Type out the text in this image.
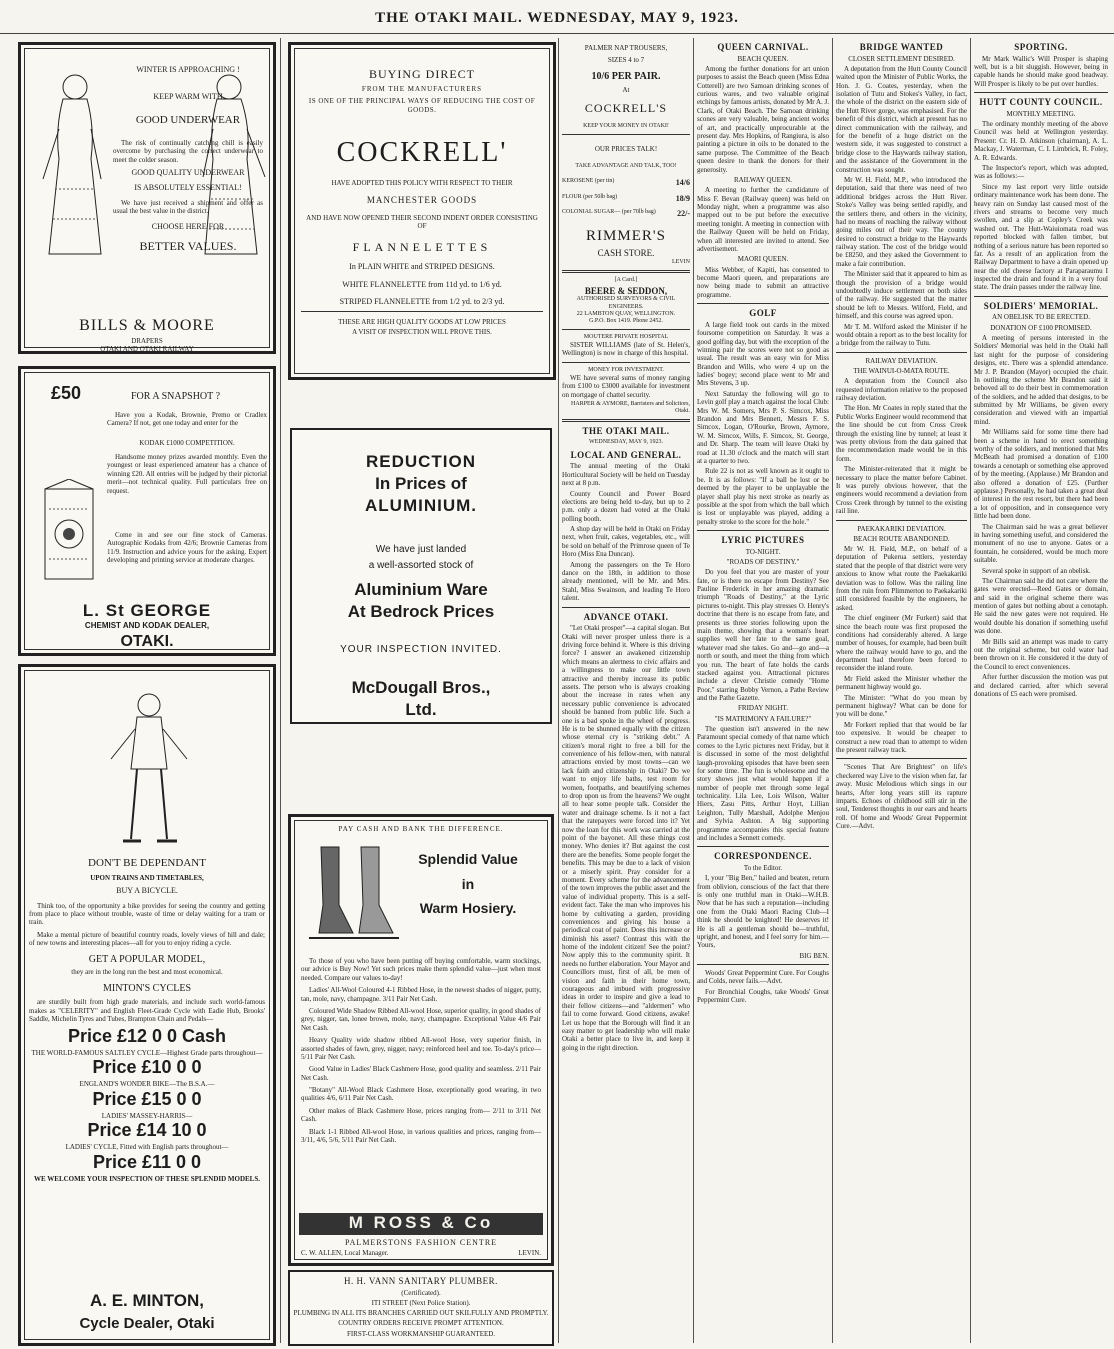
THE OTAKI MAIL. WEDNESDAY, MAY 9, 1923.
WINTER IS APPROACHING !
KEEP WARM WITH
GOOD UNDERWEAR
The risk of continually catching chill is easily overcome by purchasing the correct underwear to meet the colder season.
GOOD QUALITY UNDERWEAR
IS ABSOLUTELY ESSENTIAL!
We have just received a shipment and offer as usual the best value in the district.
CHOOSE HERE FOR
BETTER VALUES.
BILLS & MOORE
DRAPERS
OTAKI AND OTAKI RAILWAY
£50	FOR A SNAPSHOT ?
Have you a Kodak, Brownie, Premo or Cradlex Camera? If not, get one today and enter for the
KODAK £1000 COMPETITION.
Handsome money prizes awarded monthly. Even the youngest or least experienced amateur has a chance of winning £20. All entries will be judged by their pictorial merit—not technical quality. Full particulars free on request.
Come in and see our fine stock of Cameras. Autographic Kodaks from 42/6; Brownie Cameras from 11/9. Instruction and advice yours for the asking. Expert developing and printing service at moderate charges.
L. St GEORGE
CHEMIST AND KODAK DEALER,
OTAKI.
DON'T BE DEPENDANT
UPON TRAINS AND TIMETABLES,
BUY A BICYCLE.
Think too, of the opportunity a bike provides for seeing the country and getting from place to place without trouble, waste of time or delay waiting for a tram or train.
Make a mental picture of beautiful country roads, lovely views of hill and dale; of new towns and interesting places—all for you to enjoy riding a cycle.
GET A POPULAR MODEL,
they are in the long run the best and most economical.
MINTON'S CYCLES
are sturdily built from high grade materials, and include such world-famous makes as "CELERITY" and English Fleet-Grade Cycle with Eadie Hub, Brooks' Saddle, Michelin Tyres and Tubes, Brampton Chain and Pedals—
Price £12 0 0 Cash
THE WORLD-FAMOUS SALTLEY CYCLE—Highest Grade parts throughout—
Price £10 0 0
ENGLAND'S WONDER BIKE—The B.S.A.—
Price £15 0 0
LADIES' MASSEY-HARRIS—
Price £14 10 0
LADIES' CYCLE, Fitted with English parts throughout—
Price £11 0 0
WE WELCOME YOUR INSPECTION OF THESE SPLENDID MODELS.
A. E. MINTON,
Cycle Dealer, Otaki
BUYING DIRECT
FROM THE MANUFACTURERS
IS ONE OF THE PRINCIPAL WAYS OF REDUCING THE COST OF GOODS.
COCKRELL'
HAVE ADOPTED THIS POLICY WITH RESPECT TO THEIR
MANCHESTER GOODS
AND HAVE NOW OPENED THEIR SECOND INDENT ORDER CONSISTING OF
FLANNELETTES
In PLAIN WHITE and STRIPED DESIGNS.
WHITE FLANNELETTE from 11d yd. to 1/6 yd.
STRIPED FLANNELETTE from 1/2 yd. to 2/3 yd.
THESE ARE HIGH QUALITY GOODS AT LOW PRICES
A VISIT OF INSPECTION WILL PROVE THIS.
REDUCTION
In Prices of
ALUMINIUM.
We have just landed
a well-assorted stock of
Aluminium Ware
At Bedrock Prices
YOUR INSPECTION INVITED.
McDougall Bros.,
Ltd.
PAY CASH AND BANK THE DIFFERENCE.
Splendid Value
in
Warm Hosiery.
To those of you who have been putting off buying comfortable, warm stockings, our advice is Buy Now! Yet such prices make them splendid value—just when most needed. Compare our values to-day!
Ladies' All-Wool Coloured 4-1 Ribbed Hose, in the newest shades of nigger, putty, tan, mole, navy, champagne. 3/11 Pair Net Cash.
Coloured Wide Shadow Ribbed All-wool Hose, superior quality, in good shades of grey, nigger, tan, lonee brown, mole, navy, champagne. Exceptional Value 4/6 Pair Net Cash.
Heavy Quality wide shadow ribbed All-wool Hose, very superior finish, in assorted shades of fawn, grey, nigger, navy; reinforced heel and toe. To-day's price— 5/11 Pair Net Cash.
Good Value in Ladies' Black Cashmere Hose, good quality and seamless. 2/11 Pair Net Cash.
"Botany" All-Wool Black Cashmere Hose, exceptionally good wearing, in two qualities 4/6, 6/11 Pair Net Cash.
Other makes of Black Cashmere Hose, prices ranging from— 2/11 to 3/11 Net Cash.
Black 1-1 Ribbed All-wool Hose, in various qualities and prices, ranging from— 3/11, 4/6, 5/6, 5/11 Pair Net Cash.
M ROSS & Co
PALMERSTONS FASHION CENTRE
C. W. ALLEN, Local Manager.	LEVIN.
H. H. VANN SANITARY PLUMBER.
(Certificated).
ITI STREET (Next Police Station).
PLUMBING IN ALL ITS BRANCHES CARRIED OUT SKILFULLY AND PROMPTLY.
COUNTRY ORDERS RECEIVE PROMPT ATTENTION.
FIRST-CLASS WORKMANSHIP GUARANTEED.
PALMER NAP TROUSERS,
SIZES 4 to 7
10/6 PER PAIR.
At
COCKRELL'S
KEEP YOUR MONEY IN OTAKI!
OUR PRICES TALK!
TAKE ADVANTAGE AND TALK, TOO!
KEROSENE (per tin)	14/6
FLOUR (per 50lb bag)	18/9
COLONIAL SUGAR— (per 70lb bag)	22/-
RIMMER'S
CASH STORE.
LEVIN
[A Card.]
BEERE & SEDDON,
AUTHORISED SURVEYORS & CIVIL ENGINEERS.
22 LAMBTON QUAY, WELLINGTON.
G.P.O. Box 1419. Phone 2452.
MOUTERE PRIVATE HOSPITAL
SISTER WILLIAMS (late of St. Helen's, Wellington) is now in charge of this hospital.
MONEY FOR INVESTMENT.
WE have several sums of money ranging from £100 to £3000 available for investment on mortgage of chattel security.
HARPER & AYMORE, Barristers and Solicitors, Otaki.
THE OTAKI MAIL.
WEDNESDAY, MAY 9, 1923.
LOCAL AND GENERAL.
The annual meeting of the Otaki Horticultural Society will be held on Tuesday next at 8 p.m.
County Council and Power Board elections are being held to-day, but up to 2 p.m. only a dozen had voted at the Otaki polling booth.
A shop day will be held in Otaki on Friday next, when fruit, cakes, vegetables, etc., will be sold on behalf of the Primrose queen of Te Horo (Miss Ena Duncan).
Among the passengers on the Te Horo dance on the 18th, in addition to those already mentioned, will be Mr. and Mrs. Stahl, Miss Swainson, and leading Te Horo talent.
ADVANCE OTAKI.
"Let Otaki prosper"—a capital slogan. But Otaki will never prosper unless there is a driving force behind it. Where is this driving force? I answer an awakened citizenship which means an alertness to civic affairs and a willingness to make our little town attractive and thereby increase its public assets. The person who is always croaking about the increase in rates when any necessary public convenience is advocated should be banned from public life. Such a one is a bad spoke in the wheel of progress. He is to be shunned equally with the citizen whose eternal cry is "striking debt." A citizen's moral right to free a bill for the convenience of his fellow-men, with natural attractions envied by most towns—can we lack faith and citizenship in Otaki? Do we want to enjoy life baths, test room for women, footpaths, and beautifying schemes to drop upon us from the heavens? We ought all to hear some people talk. Consider the water and drainage scheme. Is it not a fact that the ratepayers were forced into it? Yet now the loan for this work was carried at the point of the bayonet. All these things cost money. Who denies it? But against the cost there are the benefits. Some people forget the benefits. This may be due to a lack of vision or a miserly spirit. Pray consider for a moment. Every scheme for the advancement of the town improves the public asset and the value of individual property. This is a self-evident fact. Take the man who improves his home by cultivating a garden, providing conveniences and giving his house a periodical coat of paint. Does this increase or diminish his asset? Contrast this with the home of the indolent citizen! See the point? Now apply this to the community spirit. It needs no further elaboration. Your Mayor and Councillors must, first of all, be men of vision and faith in their home town, courageous and imbued with progressive ideas in order to inspire and give a lead to their fellow citizens—and "aldermen" who fail to come forward. Good citizens, awake! Let us hope that the Borough will find it an easy matter to get leadership who will make Otaki a better place to live in, and keep it going in the right direction.
QUEEN CARNIVAL.
BEACH QUEEN.
Among the further donations for art union purposes to assist the Beach queen (Miss Edna Cotterell) are two Samoan drinking scones of curious wares, and two valuable original etchings by famous artists, donated by Mr A. J. Clark, of Otaki Beach. The Samoan drinking scones are very valuable, being ancient works of art, and practically unprocurable at the present day. Mrs Hopkins, of Rangiura, is also painting a picture in oils to be donated to the same purpose. The Committee of the Beach queen desire to thank the donors for their generosity.
RAILWAY QUEEN.
A meeting to further the candidature of Miss F. Bevan (Railway queen) was held on Monday night, when a programme was also mapped out to be put before the executive meeting tonight. A meeting in connection with the Railway Queen will be held on Friday, when all interested are invited to attend. See advertisement.
MAORI QUEEN.
Miss Webber, of Kapiti, has consented to become Maori queen, and preparations are now being made to submit an attractive programme.
GOLF
A large field took out cards in the mixed foursome competition on Saturday. It was a good golfing day, but with the exception of the winning pair the scores were not so good as usual. The result was an easy win for Miss Brandon and Wills, who were 4 up on the ladies' bogey; second place went to Mr and Mrs Stevens, 3 up.
Next Saturday the following will go to Levin golf play a match against the local Club: Mrs W. M. Somers, Mrs P. S. Simcox, Miss Brandon and Mrs Bennett, Messrs F. S. Simcox, Logan, O'Rourke, Brown, Aymore, W. M. Simcox, Wills, F. Simcox, St. George, and Dr. Sharp. The team will leave Otaki by road at 11.30 o'clock and the match will start at a quarter to two.
Rule 22 is not as well known as it ought to be. It is as follows: "If a ball be lost or be deemed by the player to be unplayable the player shall play his next stroke as nearly as possible at the spot from which the ball which is lost or unplayable was played, adding a penalty stroke to the score for the hole."
LYRIC PICTURES
TO-NIGHT.
"ROADS OF DESTINY."
Do you feel that you are master of your fate, or is there no escape from Destiny? See Pauline Frederick in her amazing dramatic triumph "Roads of Destiny," at the Lyric pictures to-night. This play stresses O. Henry's doctrine that there is no escape from fate, and presents us three stories following upon the main theme, showing that a woman's heart supplies well her fate to the same goal, whatever road she takes. Go and—go and—a north or south, and meet the thing from which you run. The heart of fate holds the cards stacked against you. Attractional pictures include a clever Christie comedy "Home Poor," starring Bobby Vernon, a Pathe Review and the Pathe Gazette.
FRIDAY NIGHT.
"IS MATRIMONY A FAILURE?"
The question isn't answered in the new Paramount special comedy of that name which comes to the Lyric pictures next Friday, but it is discussed in some of the most delightful laugh-provoking episodes that have been seen for some time. The fun is wholesome and the story shows just what would happen if a number of people met through some legal technicality. Lila Lee, Lois Wilson, Walter Hiers, Zasu Pitts, Arthur Hoyt, Lillian Leighton, Tully Marshall, Adolphe Menjou and Sylvia Ashton. A big supporting programme accompanies this special feature and includes a Sennett comedy.
CORRESPONDENCE.
To the Editor.
I, your "Big Ben," hailed and beaten, return from oblivion, conscious of the fact that there is only one truthful man in Otaki—W.H.B. Now that he has such a reputation—including one from the Otaki Maori Racing Club—I think he should be knighted! He deserves it! He is all a gentleman should be—truthful, upright, and honest, and I feel sorry for him.—Yours,
BIG BEN.
Woods' Great Peppermint Cure. For Coughs and Colds, never fails.—Advt.
For Bronchial Coughs, take Woods' Great Peppermint Cure.
BRIDGE WANTED
CLOSER SETTLEMENT DESIRED.
A deputation from the Hutt County Council waited upon the Minister of Public Works, the Hon. J. G. Coates, yesterday, when the isolation of Tutu and Stokes's Valley, in fact, the whole of the district on the eastern side of the Hutt River gorge, was emphasised. For the benefit of this district, which at present has no direct communication with the railway, and for the benefit of a huge district on the western side, it was suggested to construct a bridge close to the Haywards railway station, and the assistance of the Government in the construction was sought.
Mr W. H. Field, M.P., who introduced the deputation, said that there was need of two additional bridges across the Hutt River. Stoke's Valley was being settled rapidly, and the settlers there, and others in the vicinity, had no means of reaching the railway without going miles out of their way. The county desired to construct a bridge to the Haywards railway station. The cost of the bridge would be £8250, and they asked the Government to make a fair contribution.
The Minister said that it appeared to him as though the provision of a bridge would undoubtedly induce settlement on both sides of the railway. He suggested that the matter should be left to Messrs. Wilford, Field, and himself, and this course was agreed upon.
Mr T. M. Wilford asked the Minister if he would obtain a report as to the best locality for a bridge from the railway to Tutu.
RAILWAY DEVIATION.
THE WAINUI-O-MATA ROUTE.
A deputation from the Council also requested information relative to the proposed railway deviation.
The Hon. Mr Coates in reply stated that the Public Works Engineer would recommend that the line should be cut from Cross Creek through the existing line by tunnel; at least it was pretty obvious from the data gained that the recommendation made would be in this form.
The Minister-reiterated that it might be necessary to place the matter before Cabinet. It was purely obvious however, that the engineers would recommend a deviation from Cross Creek through by tunnel to the existing rail line.
PAEKAKARIKI DEVIATION.
BEACH ROUTE ABANDONED.
Mr W. H. Field, M.P., on behalf of a deputation of Pukerua settlers, yesterday stated that the people of that district were very anxious to know what route the Paekakariki deviation was to follow. Was the railing line from the ruin from Plimmerton to Paekakariki still considered feasible by the engineers, he asked.
The chief engineer (Mr Furkert) said that since the beach route was first proposed the conditions had considerably altered. A large number of houses, for example, had been built where the railway would have to go, and the department had therefore been forced to reconsider the inland route.
Mr Field asked the Minister whether the permanent highway would go.
The Minister: "What do you mean by permanent highway? What can be done for you will be done."
Mr Forkert replied that that would be far too expensive. It would be cheaper to construct a new road than to attempt to widen the present railway track.
"Scenes That Are Brightest" on life's checkered way Live to the vision when far, far away. Music Melodious which sings in our hearts, After long years still its rapture imparts. Echoes of childhood still stir in the soul, Tenderest thoughts in our ears and hearts roll. Of home and Woods' Great Peppermint Cure.—Advt.
SPORTING.
Mr Mark Wallic's Will Prosper is shaping well, but is a bit sluggish. However, being in capable hands he should make good headway. Will Prosper is likely to be put over hurdles.
HUTT COUNTY COUNCIL.
MONTHLY MEETING.
The ordinary monthly meeting of the above Council was held at Wellington yesterday. Present: Cr. H. D. Atkinson (chairman), A. L. Mackay, J. Waterman, C. I. Limbrick, R. Foley, A. R. Edwards.
The Inspector's report, which was adopted, was as follows:—
Since my last report very little outside ordinary maintenance work has been done. The heavy rain on Sunday last caused most of the rivers and streams to become very much swollen, and a slip at Copley's Creek was washed out. The Hutt-Waiuiomata road was reported blocked with fallen timber, but nothing of a serious nature has been reported so far. As a result of an application from the Railway Department to have a drain opened up near the old cheese factory at Paraparaumu I inspected the drain and found it in a very foul state. The drain passes under the railway line.
SOLDIERS' MEMORIAL.
AN OBELISK TO BE ERECTED.
DONATION OF £100 PROMISED.
A meeting of persons interested in the Soldiers' Memorial was held in the Otaki hall last night for the purpose of considering designs, etc. There was a splendid attendance. Mr J. P. Brandon (Mayor) occupied the chair. In outlining the scheme Mr Brandon said it behoved all to do their best in commemoration of the soldiers, and he added that designs, to be submitted by Mr Williams, be given every consideration and viewed with an impartial mind.
Mr Williams said for some time there had been a scheme in hand to erect something worthy of the soldiers, and mentioned that Mrs McBeath had promised a donation of £100 towards a cenotaph or something else approved of by the meeting. (Applause.) Mr Brandon and also offered a donation of £25. (Further applause.) Personally, he had taken a great deal of interest in the rest resort, but there had been a lot of opposition, and in consequence very little had been done.
The Chairman said he was a great believer in having something useful, and considered the monument of no use to anyone. Gates or a fountain, he considered, would be much more suitable.
Several spoke in support of an obelisk.
The Chairman said he did not care where the gates were erected—Reed Gates or domain, and said in the original scheme there was mention of gates but nothing about a cenotaph. He said the new gates were not required. He would double his donation if something useful was done.
Mr Bills said an attempt was made to carry out the original scheme, but cold water had been thrown on it. He considered it the duty of the Council to erect conveniences.
After further discussion the motion was put and declared carried, after which several donations of £5 each were promised.
